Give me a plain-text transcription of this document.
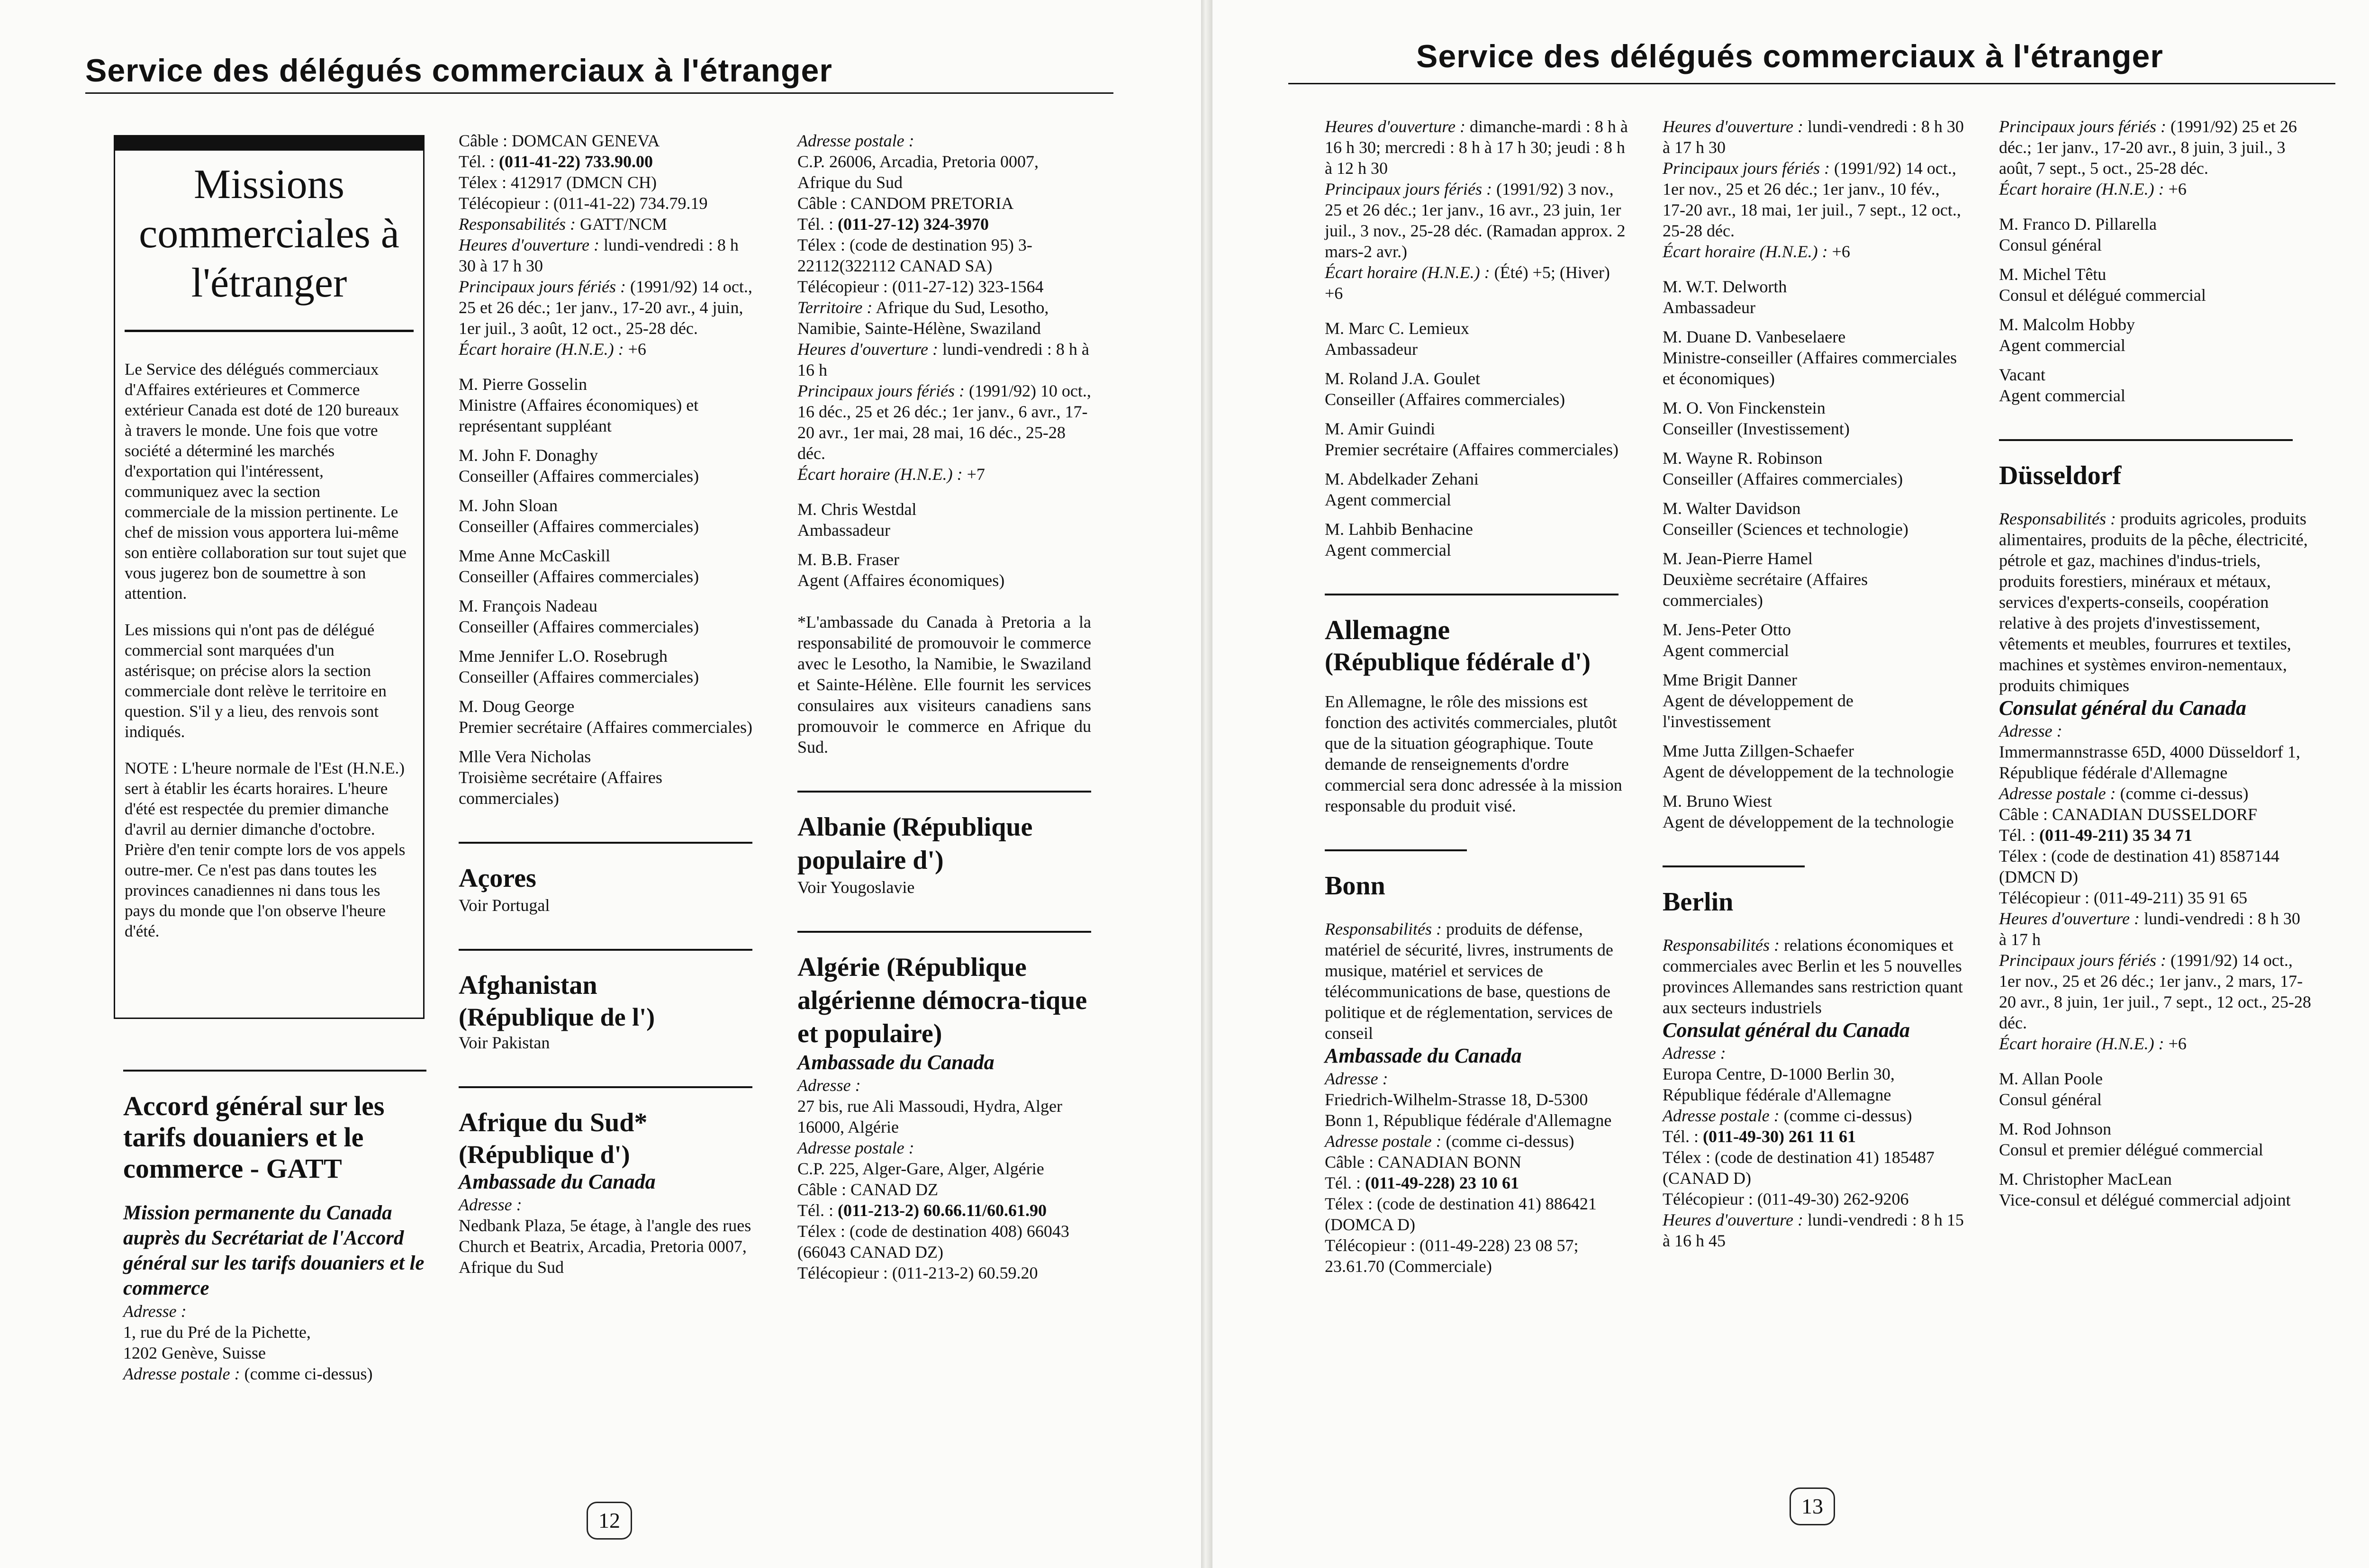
Service des délégués commerciaux à l'étranger
Missions commerciales à l'étranger

Le Service des délégués commerciaux d'Affaires extérieures et Commerce extérieur Canada est doté de 120 bureaux à travers le monde. Une fois que votre société a déterminé les marchés d'exportation qui l'intéressent, communiquez avec la section commerciale de la mission pertinente. Le chef de mission vous apportera lui-même son entière collaboration sur tout sujet que vous jugerez bon de soumettre à son attention.

Les missions qui n'ont pas de délégué commercial sont marquées d'un astérisque; on précise alors la section commerciale dont relève le territoire en question. S'il y a lieu, des renvois sont indiqués.

NOTE : L'heure normale de l'Est (H.N.E.) sert à établir les écarts horaires. L'heure d'été est respectée du premier dimanche d'avril au dernier dimanche d'octobre. Prière d'en tenir compte lors de vos appels outre-mer. Ce n'est pas dans toutes les provinces canadiennes ni dans tous les pays du monde que l'on observe l'heure d'été.

Accord général sur les tarifs douaniers et le commerce - GATT

Mission permanente du Canada auprès du Secrétariat de l'Accord général sur les tarifs douaniers et le commerce

Adresse :

1, rue du Pré de la Pichette,

1202 Genève, Suisse

Adresse postale : (comme ci-dessus)

Câble : DOMCAN GENEVA

Tél. : (011-41-22) 733.90.00

Télex : 412917 (DMCN CH)

Télécopieur : (011-41-22) 734.79.19

Responsabilités : GATT/NCM

Heures d'ouverture : lundi-vendredi : 8 h 30 à 17 h 30

Principaux jours fériés : (1991/92) 14 oct., 25 et 26 déc.; 1er janv., 17-20 avr., 4 juin, 1er juil., 3 août, 12 oct., 25-28 déc.

Écart horaire (H.N.E.) : +6

M. Pierre Gosselin

Ministre (Affaires économiques) et représentant suppléant

M. John F. Donaghy

Conseiller (Affaires commerciales)

M. John Sloan

Conseiller (Affaires commerciales)

Mme Anne McCaskill

Conseiller (Affaires commerciales)

M. François Nadeau

Conseiller (Affaires commerciales)

Mme Jennifer L.O. Rosebrugh

Conseiller (Affaires commerciales)

M. Doug George

Premier secrétaire (Affaires commerciales)

Mlle Vera Nicholas

Troisième secrétaire (Affaires commerciales)

Açores

Voir Portugal

Afghanistan

(République de l')

Voir Pakistan

Afrique du Sud*

(République d')

Ambassade du Canada

Adresse :

Nedbank Plaza, 5e étage, à l'angle des rues Church et Beatrix, Arcadia, Pretoria 0007, Afrique du Sud

Adresse postale :

C.P. 26006, Arcadia, Pretoria 0007, Afrique du Sud

Câble : CANDOM PRETORIA

Tél. : (011-27-12) 324-3970

Télex : (code de destination 95) 3-22112(322112 CANAD SA)

Télécopieur : (011-27-12) 323-1564

Territoire : Afrique du Sud, Lesotho, Namibie, Sainte-Hélène, Swaziland

Heures d'ouverture : lundi-vendredi : 8 h à 16 h

Principaux jours fériés : (1991/92) 10 oct., 16 déc., 25 et 26 déc.; 1er janv., 6 avr., 17-20 avr., 1er mai, 28 mai, 16 déc., 25-28 déc.

Écart horaire (H.N.E.) : +7

M. Chris Westdal

Ambassadeur

M. B.B. Fraser

Agent (Affaires économiques)

*L'ambassade du Canada à Pretoria a la responsabilité de promouvoir le commerce avec le Lesotho, la Namibie, le Swaziland et Sainte-Hélène. Elle fournit les services consulaires aux visiteurs canadiens sans promouvoir le commerce en Afrique du Sud.

Albanie (République populaire d')

Voir Yougoslavie

Algérie (République algérienne démocra-tique et populaire)

Ambassade du Canada

Adresse :

27 bis, rue Ali Massoudi, Hydra, Alger 16000, Algérie

Adresse postale :

C.P. 225, Alger-Gare, Alger, Algérie

Câble : CANAD DZ

Tél. : (011-213-2) 60.66.11/60.61.90

Télex : (code de destination 408) 66043 (66043 CANAD DZ)

Télécopieur : (011-213-2) 60.59.20

12
Service des délégués commerciaux à l'étranger

Heures d'ouverture : dimanche-mardi : 8 h à 16 h 30; mercredi : 8 h à 17 h 30; jeudi : 8 h à 12 h 30

Principaux jours fériés : (1991/92) 3 nov., 25 et 26 déc.; 1er janv., 16 avr., 23 juin, 1er juil., 3 nov., 25-28 déc. (Ramadan approx. 2 mars-2 avr.)

Écart horaire (H.N.E.) : (Été) +5; (Hiver) +6

M. Marc C. Lemieux

Ambassadeur

M. Roland J.A. Goulet

Conseiller (Affaires commerciales)

M. Amir Guindi

Premier secrétaire (Affaires commerciales)

M. Abdelkader Zehani

Agent commercial

M. Lahbib Benhacine

Agent commercial

Allemagne

(République fédérale d')

En Allemagne, le rôle des missions est fonction des activités commerciales, plutôt que de la situation géographique. Toute demande de renseignements d'ordre commercial sera donc adressée à la mission responsable du produit visé.

Bonn

Responsabilités : produits de défense, matériel de sécurité, livres, instruments de musique, matériel et services de télécommunications de base, questions de politique et de réglementation, services de conseil

Ambassade du Canada

Adresse :

Friedrich-Wilhelm-Strasse 18, D-5300 Bonn 1, République fédérale d'Allemagne

Adresse postale : (comme ci-dessus)

Câble : CANADIAN BONN

Tél. : (011-49-228) 23 10 61

Télex : (code de destination 41) 886421 (DOMCA D)

Télécopieur : (011-49-228) 23 08 57; 23.61.70 (Commerciale)

Heures d'ouverture : lundi-vendredi : 8 h 30 à 17 h 30

Principaux jours fériés : (1991/92) 14 oct., 1er nov., 25 et 26 déc.; 1er janv., 10 fév., 17-20 avr., 18 mai, 1er juil., 7 sept., 12 oct., 25-28 déc.

Écart horaire (H.N.E.) : +6

M. W.T. Delworth

Ambassadeur

M. Duane D. Vanbeselaere

Ministre-conseiller (Affaires commerciales et économiques)

M. O. Von Finckenstein

Conseiller (Investissement)

M. Wayne R. Robinson

Conseiller (Affaires commerciales)

M. Walter Davidson

Conseiller (Sciences et technologie)

M. Jean-Pierre Hamel

Deuxième secrétaire (Affaires commerciales)

M. Jens-Peter Otto

Agent commercial

Mme Brigit Danner

Agent de développement de l'investissement

Mme Jutta Zillgen-Schaefer

Agent de développement de la technologie

M. Bruno Wiest

Agent de développement de la technologie

Berlin

Responsabilités : relations économiques et commerciales avec Berlin et les 5 nouvelles provinces Allemandes sans restriction quant aux secteurs industriels

Consulat général du Canada

Adresse :

Europa Centre, D-1000 Berlin 30, République fédérale d'Allemagne

Adresse postale : (comme ci-dessus)

Tél. : (011-49-30) 261 11 61

Télex : (code de destination 41) 185487 (CANAD D)

Télécopieur : (011-49-30) 262-9206

Heures d'ouverture : lundi-vendredi : 8 h 15 à 16 h 45

Principaux jours fériés : (1991/92) 25 et 26 déc.; 1er janv., 17-20 avr., 8 juin, 3 juil., 3 août, 7 sept., 5 oct., 25-28 déc.

Écart horaire (H.N.E.) : +6

M. Franco D. Pillarella

Consul général

M. Michel Têtu

Consul et délégué commercial

M. Malcolm Hobby

Agent commercial

Vacant

Agent commercial

Düsseldorf

Responsabilités : produits agricoles, produits alimentaires, produits de la pêche, électricité, pétrole et gaz, machines d'indus-triels, produits forestiers, minéraux et métaux, services d'experts-conseils, coopération relative à des projets d'investissement, vêtements et meubles, fourrures et textiles, machines et systèmes environ-nementaux, produits chimiques

Consulat général du Canada

Adresse :

Immermannstrasse 65D, 4000 Düsseldorf 1, République fédérale d'Allemagne

Adresse postale : (comme ci-dessus)

Câble : CANADIAN DUSSELDORF

Tél. : (011-49-211) 35 34 71

Télex : (code de destination 41) 8587144 (DMCN D)

Télécopieur : (011-49-211) 35 91 65

Heures d'ouverture : lundi-vendredi : 8 h 30 à 17 h

Principaux jours fériés : (1991/92) 14 oct., 1er nov., 25 et 26 déc.; 1er janv., 2 mars, 17-20 avr., 8 juin, 1er juil., 7 sept., 12 oct., 25-28 déc.

Écart horaire (H.N.E.) : +6

M. Allan Poole

Consul général

M. Rod Johnson

Consul et premier délégué commercial

M. Christopher MacLean

Vice-consul et délégué commercial adjoint

13
